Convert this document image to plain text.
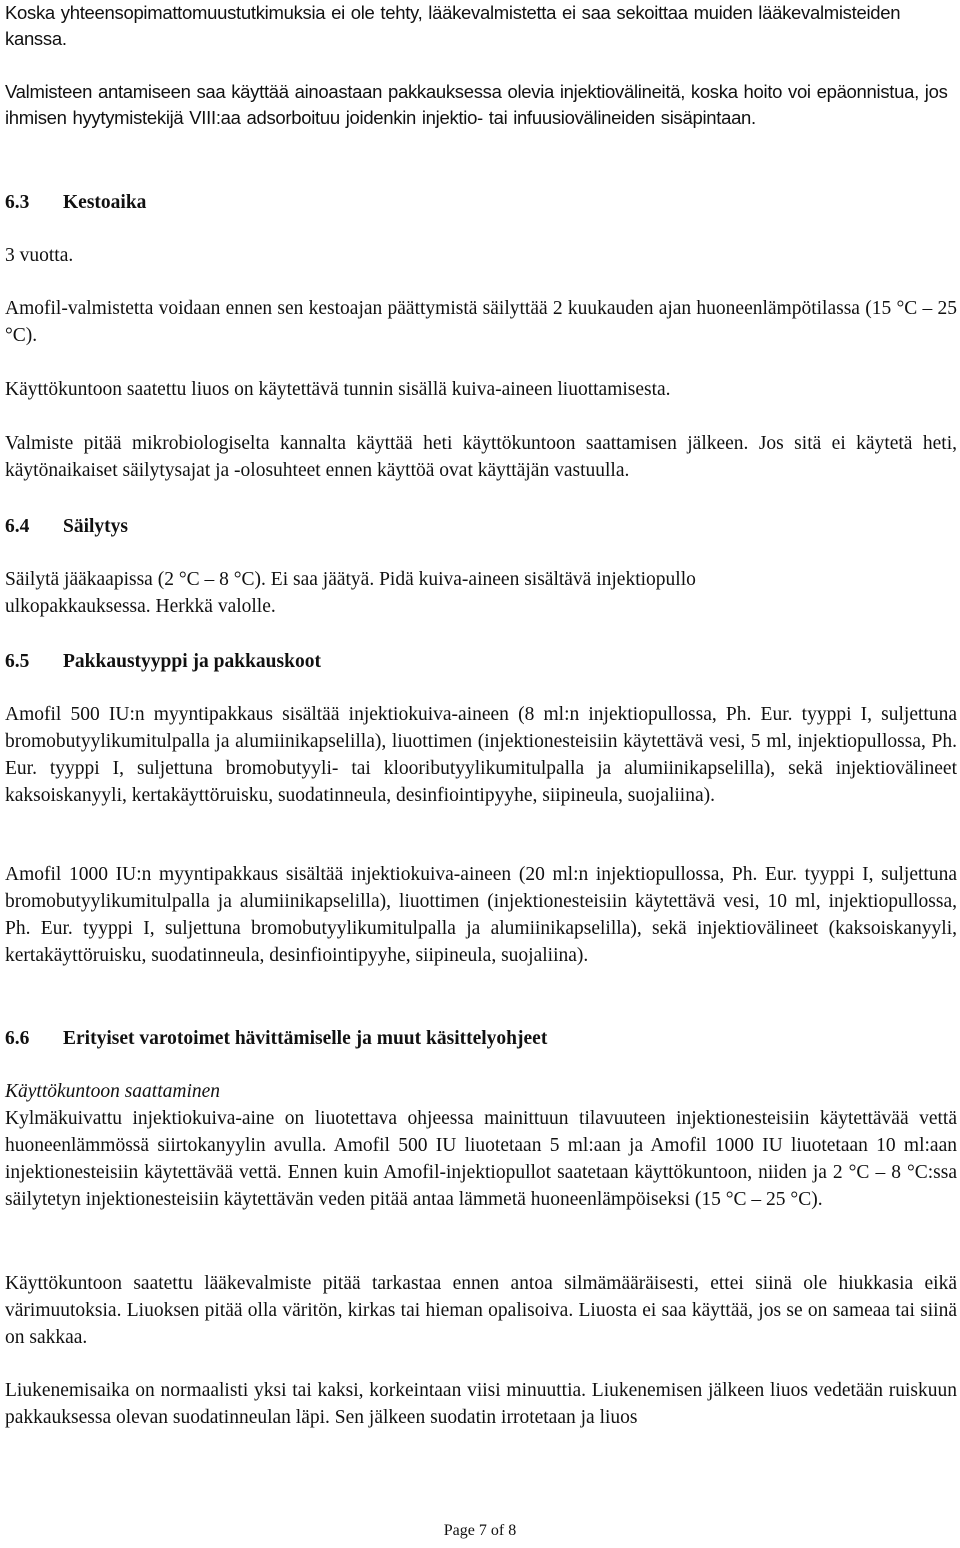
Koska yhteensopimattomuustutkimuksia ei ole tehty, lääkevalmistetta ei saa sekoittaa muiden lääkevalmisteiden kanssa.

Valmisteen antamiseen saa käyttää ainoastaan pakkauksessa olevia injektiovälineitä, koska hoito voi epäonnistua, jos ihmisen hyytymistekijä VIII:aa adsorboituu joidenkin injektio- tai infuusiovälineiden sisäpintaan.

6.3 Kestoaika

3 vuotta.

Amofil-valmistetta voidaan ennen sen kestoajan päättymistä säilyttää 2 kuukauden ajan huoneenlämpötilassa (15 °C – 25 °C).

Käyttökuntoon saatettu liuos on käytettävä tunnin sisällä kuiva-aineen liuottamisesta.

Valmiste pitää mikrobiologiselta kannalta käyttää heti käyttökuntoon saattamisen jälkeen. Jos sitä ei käytetä heti, käytönaikaiset säilytysajat ja -olosuhteet ennen käyttöä ovat käyttäjän vastuulla.

6.4 Säilytys

Säilytä jääkaapissa (2 °C – 8 °C). Ei saa jäätyä. Pidä kuiva-aineen sisältävä injektiopullo ulkopakkauksessa. Herkkä valolle.

6.5 Pakkaustyyppi ja pakkauskoot

Amofil 500 IU:n myyntipakkaus sisältää injektiokuiva-aineen (8 ml:n injektiopullossa, Ph. Eur. tyyppi I, suljettuna bromobutyylikumitulpalla ja alumiinikapselilla), liuottimen (injektionesteisiin käytettävä vesi, 5 ml, injektiopullossa, Ph. Eur. tyyppi I, suljettuna bromobutyyli- tai klooributyylikumitulpalla ja alumiinikapselilla), sekä injektiovälineet kaksoiskanyyli, kertakäyttöruisku, suodatinneula, desinfiointipyyhe, siipineula, suojaliina).

Amofil 1000 IU:n myyntipakkaus sisältää injektiokuiva-aineen (20 ml:n injektiopullossa, Ph. Eur. tyyppi I, suljettuna bromobutyylikumitulpalla ja alumiinikapselilla), liuottimen (injektionesteisiin käytettävä vesi, 10 ml, injektiopullossa, Ph. Eur. tyyppi I, suljettuna bromobutyylikumitulpalla ja alumiinikapselilla), sekä injektiovälineet (kaksoiskanyyli, kertakäyttöruisku, suodatinneula, desinfiointipyyhe, siipineula, suojaliina).

6.6 Erityiset varotoimet hävittämiselle ja muut käsittelyohjeet
Käyttökuntoon saattaminen
Kylmäkuivattu injektiokuiva-aine on liuotettava ohjeessa mainittuun tilavuuteen injektionesteisiin käytettävää vettä huoneenlämmössä siirtokanyylin avulla. Amofil 500 IU liuotetaan 5 ml:aan ja Amofil 1000 IU liuotetaan 10 ml:aan injektionesteisiin käytettävää vettä. Ennen kuin Amofil-injektiopullot saatetaan käyttökuntoon, niiden ja 2 °C – 8 °C:ssa säilytetyn injektionesteisiin käytettävän veden pitää antaa lämmetä huoneenlämpöiseksi (15 °C – 25 °C).

Käyttökuntoon saatettu lääkevalmiste pitää tarkastaa ennen antoa silmämääräisesti, ettei siinä ole hiukkasia eikä värimuutoksia. Liuoksen pitää olla väritön, kirkas tai hieman opalisoiva. Liuosta ei saa käyttää, jos se on sameaa tai siinä on sakkaa.

Liukenemisaika on normaalisti yksi tai kaksi, korkeintaan viisi minuuttia. Liukenemisen jälkeen liuos vedetään ruiskuun pakkauksessa olevan suodatinneulan läpi. Sen jälkeen suodatin irrotetaan ja liuos

Page 7 of 8
